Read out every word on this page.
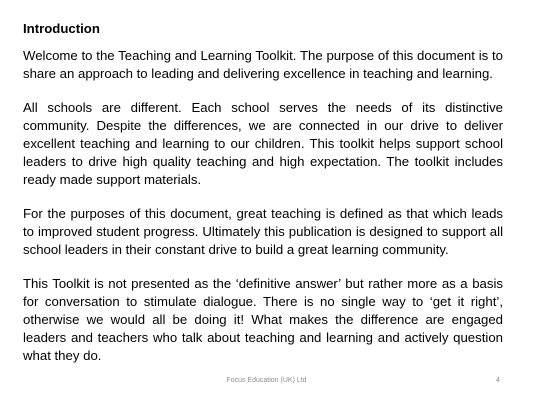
Introduction

Welcome to the Teaching and Learning Toolkit. The purpose of this document is to share an approach to leading and delivering excellence in teaching and learning.

All schools are different. Each school serves the needs of its distinctive community. Despite the differences, we are connected in our drive to deliver excellent teaching and learning to our children. This toolkit helps support school leaders to drive high quality teaching and high expectation. The toolkit includes ready made support materials.

For the purposes of this document, great teaching is defined as that which leads to improved student progress. Ultimately this publication is designed to support all school leaders in their constant drive to build a great learning community.

This Toolkit is not presented as the ‘definitive answer’ but rather more as a basis for conversation to stimulate dialogue. There is no single way to ‘get it right’, otherwise we would all be doing it! What makes the difference are engaged leaders and teachers who talk about teaching and learning and actively question what they do.

Focus Education (UK) Ltd	4
